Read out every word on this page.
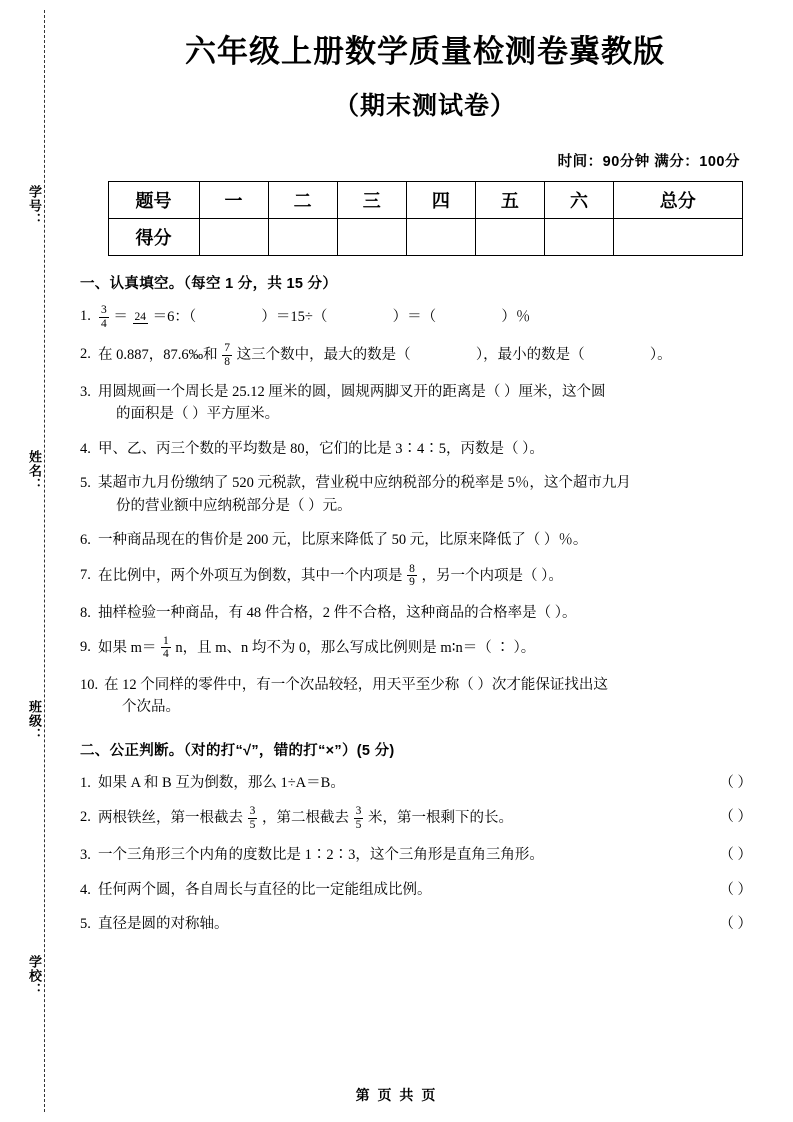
学号：
姓名：
班级：
学校：
六年级上册数学质量检测卷冀教版
（期末测试卷）
时间：90分钟 满分：100分
题号	一	二	三	四	五	六	总分
得分							
一、认真填空。（每空 1 分，共 15 分）
1. $\frac{3}{4} = 24 =6$：（	）＝15÷（	）＝（	）％
2. 在 0.887，87.6‰和 $\frac{7}{8}$ 这三个数中，最大的数是（	），最小的数是（	）。
3. 用圆规画一个周长是 25.12 厘米的圆，圆规两脚叉开的距离是（ ）厘米，这个圆
的面积是（ ）平方厘米。
4. 甲、乙、丙三个数的平均数是 80，它们的比是 3∶4∶5，丙数是（ ）。
5. 某超市九月份缴纳了 520 元税款，营业税中应纳税部分的税率是 5％，这个超市九月
份的营业额中应纳税部分是（ ）元。
6. 一种商品现在的售价是 200 元，比原来降低了 50 元，比原来降低了（ ）％。
7. 在比例中，两个外项互为倒数，其中一个内项是 $\frac{8}{9}$ ，另一个内项是（ ）。
8. 抽样检验一种商品，有 48 件合格，2 件不合格，这种商品的合格率是（ ）。
9. 如果 $m= \frac{1}{4}$ n，且 m、n 均不为 0，那么写成比例则是 m∶n＝（ ∶ ）。
10. 在 12 个同样的零件中，有一个次品较轻，用天平至少称（ ）次才能保证找出这
个次品。
二、公正判断。（对的打“√”，错的打“×”）(5 分)
1. 如果 A 和 B 互为倒数，那么 1÷A＝B。	（ ）
2. 两根铁丝，第一根截去 $\frac{3}{5}$ ，第二根截去 $\frac{3}{5}$ 米，第一根剩下的长。	（ ）
3. 一个三角形三个内角的度数比是 1∶2∶3，这个三角形是直角三角形。	（ ）
4. 任何两个圆，各自周长与直径的比一定能组成比例。	（ ）
5. 直径是圆的对称轴。	（ ）
第 页 共 页
